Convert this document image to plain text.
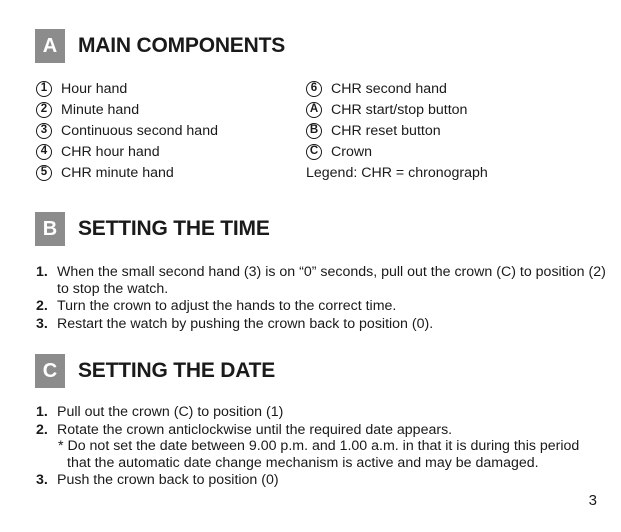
A MAIN COMPONENTS
1 Hour hand
2 Minute hand
3 Continuous second hand
4 CHR hour hand
5 CHR minute hand
6 CHR second hand
A CHR start/stop button
B CHR reset button
C Crown
Legend: CHR = chronograph
B SETTING THE TIME
1. When the small second hand (3) is on “0” seconds, pull out the crown (C) to position (2) to stop the watch.
2. Turn the crown to adjust the hands to the correct time.
3. Restart the watch by pushing the crown back to position (0).
C SETTING THE DATE
1. Pull out the crown (C) to position (1)
2. Rotate the crown anticlockwise until the required date appears.
* Do not set the date between 9.00 p.m. and 1.00 a.m. in that it is during this period that the automatic date change mechanism is active and may be damaged.
3. Push the crown back to position (0)
3
